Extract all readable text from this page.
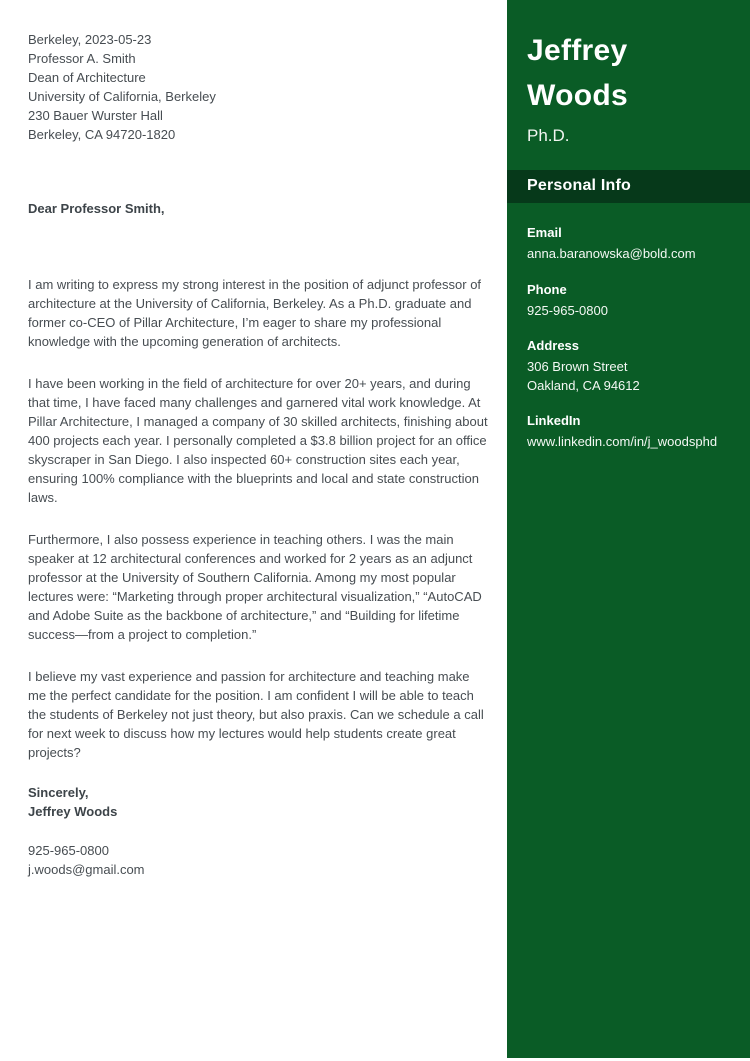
Berkeley, 2023-05-23
Professor A. Smith
Dean of Architecture
University of California, Berkeley
230 Bauer Wurster Hall
Berkeley, CA 94720-1820

Dear Professor Smith,

I am writing to express my strong interest in the position of adjunct professor of architecture at the University of California, Berkeley. As a Ph.D. graduate and former co-CEO of Pillar Architecture, I’m eager to share my professional knowledge with the upcoming generation of architects.

I have been working in the field of architecture for over 20+ years, and during that time, I have faced many challenges and garnered vital work knowledge. At Pillar Architecture, I managed a company of 30 skilled architects, finishing about 400 projects each year. I personally completed a $3.8 billion project for an office skyscraper in San Diego. I also inspected 60+ construction sites each year, ensuring 100% compliance with the blueprints and local and state construction laws.

Furthermore, I also possess experience in teaching others. I was the main speaker at 12 architectural conferences and worked for 2 years as an adjunct professor at the University of Southern California. Among my most popular lectures were: “Marketing through proper architectural visualization,” “AutoCAD and Adobe Suite as the backbone of architecture,” and “Building for lifetime success—from a project to completion.”

I believe my vast experience and passion for architecture and teaching make me the perfect candidate for the position. I am confident I will be able to teach the students of Berkeley not just theory, but also praxis. Can we schedule a call for next week to discuss how my lectures would help students create great projects?

Sincerely,
Jeffrey Woods
925-965-0800
j.woods@gmail.com
Jeffrey
Woods
Ph.D.
Personal Info
Email
anna.baranowska@bold.com
Phone
925-965-0800
Address
306 Brown Street
Oakland, CA 94612
LinkedIn
www.linkedin.com/in/j_woodsphd
